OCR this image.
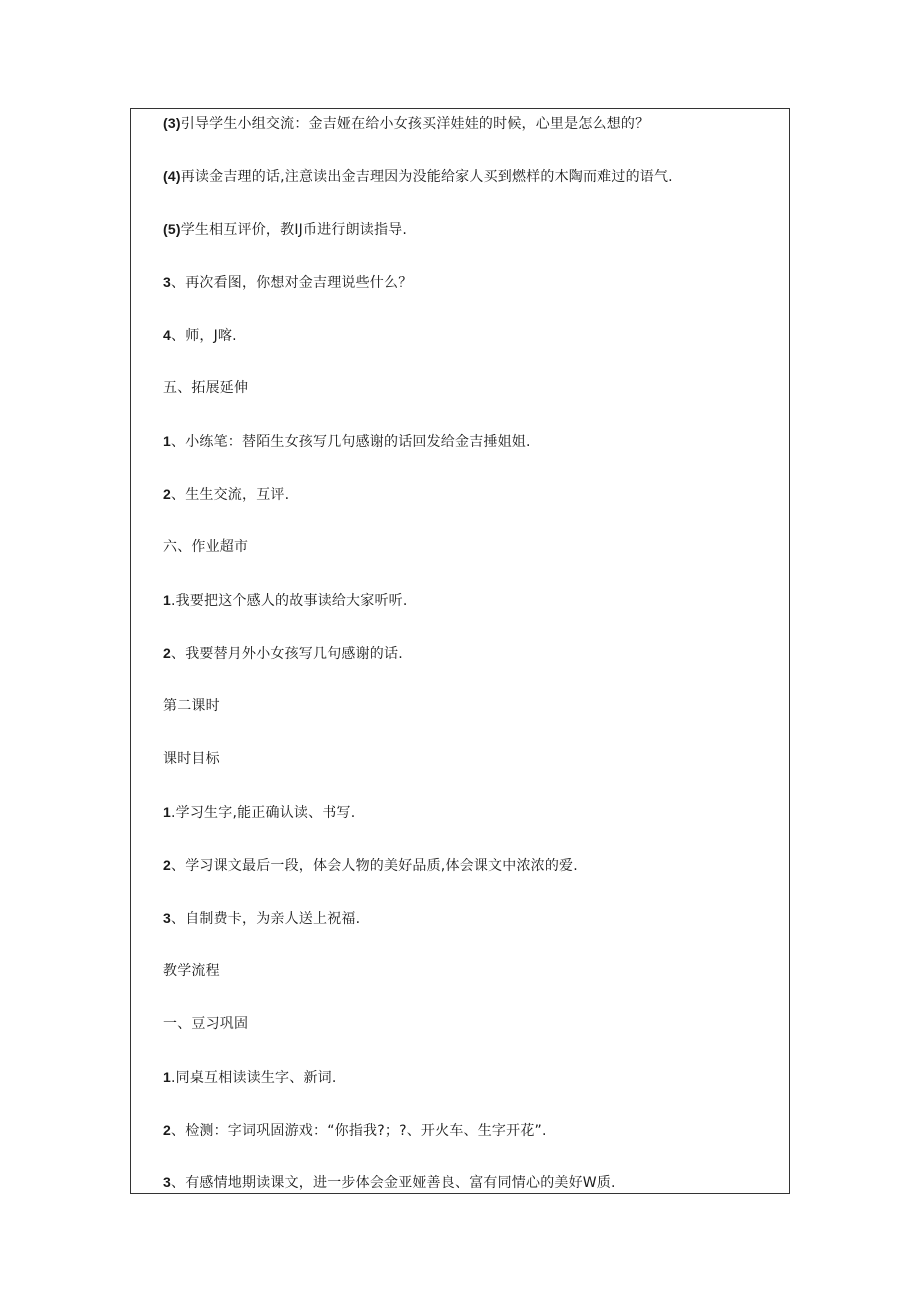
(3)引导学生小组交流：金吉娅在给小女孩买洋娃娃的时候，心里是怎么想的？
(4)再读金吉理的话,注意读出金吉理因为没能给家人买到燃样的木陶而难过的语气.
(5)学生相互评价，教IJ币进行朗读指导.
3、再次看图，你想对金吉理说些什么？
4、师，J喀.
五、拓展延伸
1、小练笔：替陌生女孩写几句感谢的话回发给金吉捶姐姐.
2、生生交流，互评.
六、作业超市
1.我要把这个感人的故事读给大家听听.
2、我要替月外小女孩写几句感谢的话.
第二课时
课时目标
1.学习生字,能正确认读、书写.
2、学习课文最后一段，体会人物的美好品质,体会课文中浓浓的爱.
3、自制费卡，为亲人送上祝福.
教学流程
一、豆习巩固
1.同桌互相读读生字、新词.
2、检测：字词巩固游戏：“你指我?；?、开火车、生字开花”.
3、有感情地期读课文，进一步体会金亚娅善良、富有同情心的美好W质.
